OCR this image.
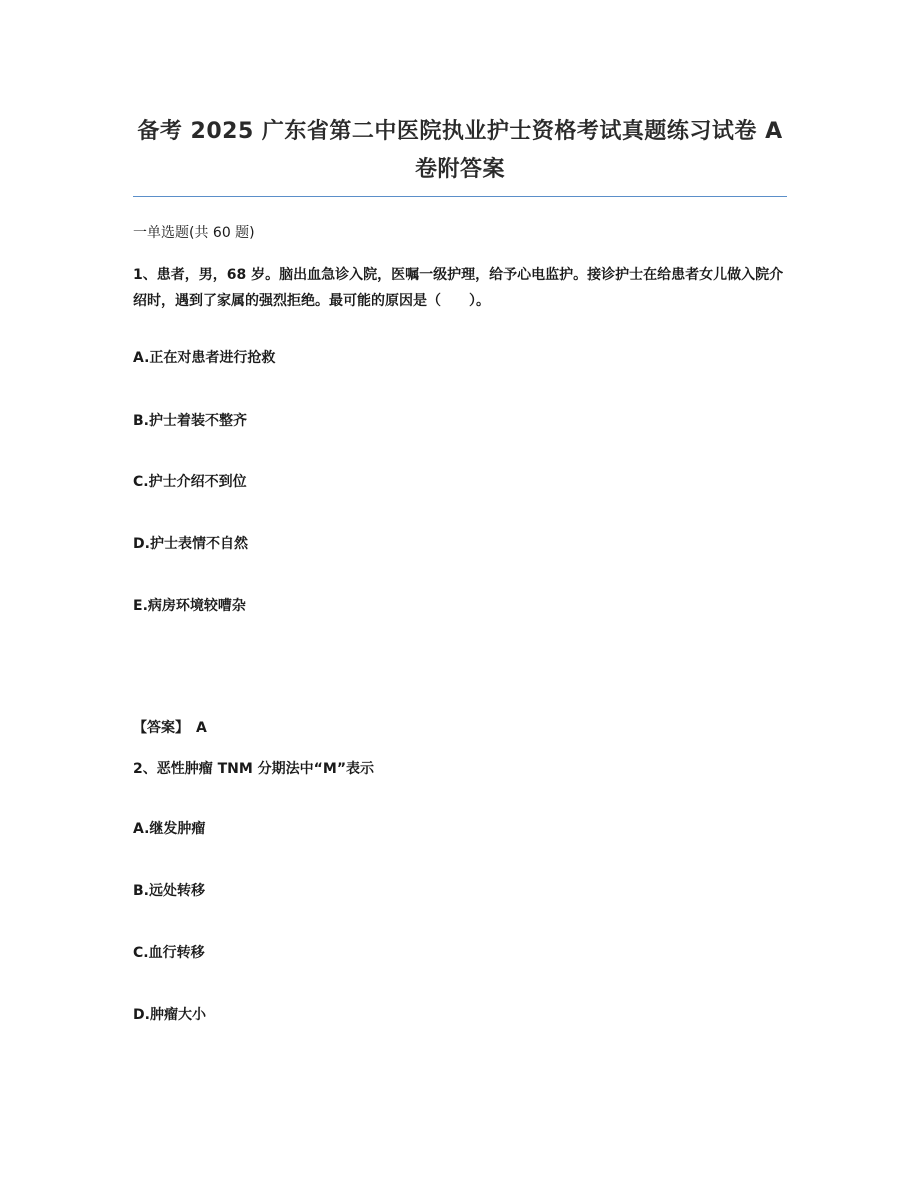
备考 2025 广东省第二中医院执业护士资格考试真题练习试卷 A 卷附答案
一单选题(共 60 题)
1、患者，男，68 岁。脑出血急诊入院，医嘱一级护理，给予心电监护。接诊护士在给患者女儿做入院介绍时，遇到了家属的强烈拒绝。最可能的原因是（　　）。
A.正在对患者进行抢救
B.护士着装不整齐
C.护士介绍不到位
D.护士表情不自然
E.病房环境较嘈杂
【答案】　A
2、恶性肿瘤 TNM 分期法中“M”表示
A.继发肿瘤
B.远处转移
C.血行转移
D.肿瘤大小
